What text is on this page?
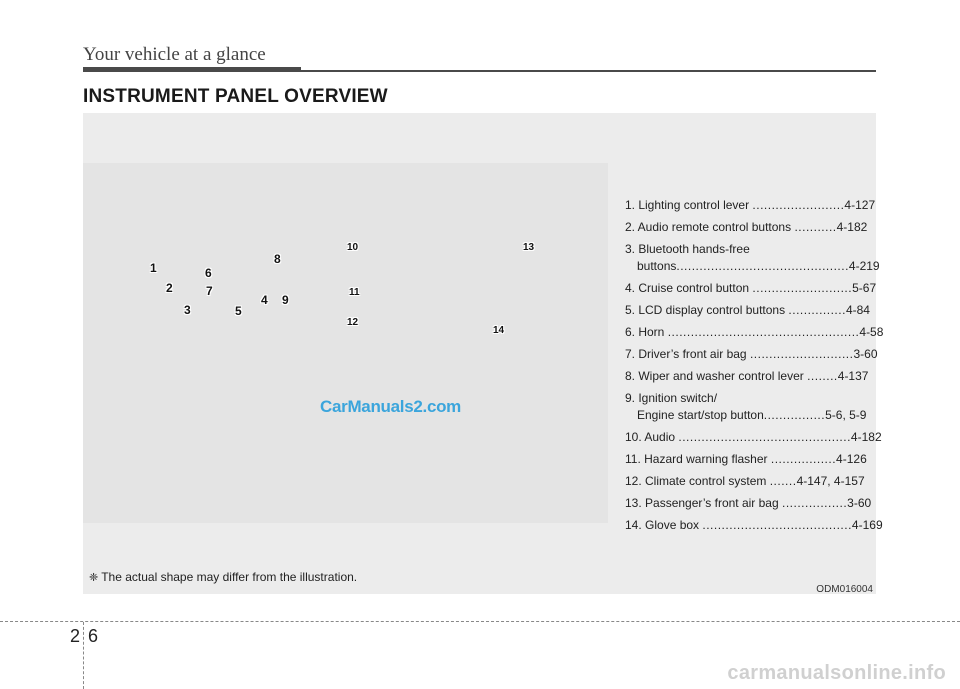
Your vehicle at a glance
INSTRUMENT PANEL OVERVIEW
1
2
3
4
5
6
7
8
9
10
11
12
13
14
CarManuals2.com
1. Lighting control lever ........................4-127
2. Audio remote control buttons ...........4-182
3. Bluetooth hands-free
buttons.............................................4-219
4. Cruise control button ..........................5-67
5. LCD display control buttons ...............4-84
6. Horn ..................................................4-58
7. Driver’s front air bag ...........................3-60
8. Wiper and washer control lever ........4-137
9. Ignition switch/
Engine start/stop button................5-6, 5-9
10. Audio .............................................4-182
11. Hazard warning flasher .................4-126
12. Climate control system .......4-147, 4-157
13. Passenger’s front air bag .................3-60
14. Glove box .......................................4-169
❈ The actual shape may differ from the illustration.
ODM016004
2 6
carmanualsonline.info
